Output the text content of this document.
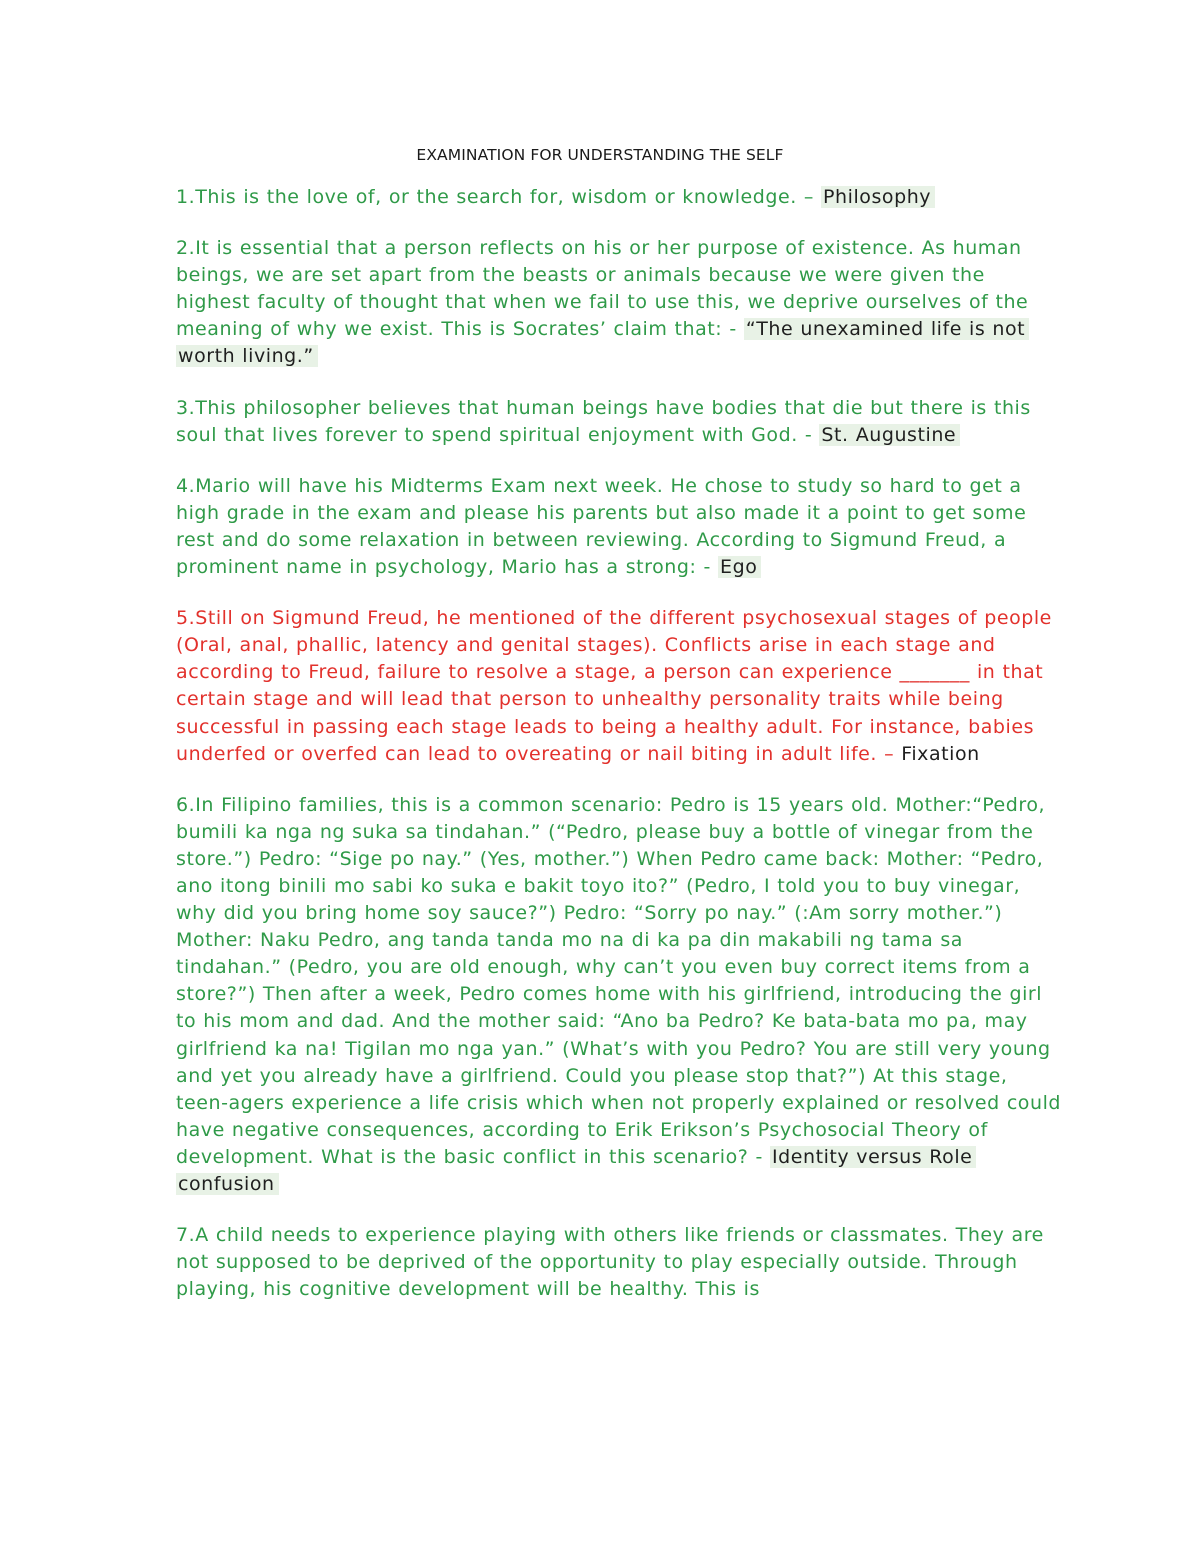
EXAMINATION FOR UNDERSTANDING THE SELF

1.This is the love of, or the search for, wisdom or knowledge. – Philosophy

2.It is essential that a person reflects on his or her purpose of existence. As human beings, we are set apart from the beasts or animals because we were given the highest faculty of thought that when we fail to use this, we deprive ourselves of the meaning of why we exist. This is Socrates’ claim that: - “The unexamined life is not worth living.”

3.This philosopher believes that human beings have bodies that die but there is this soul that lives forever to spend spiritual enjoyment with God. - St. Augustine

4.Mario will have his Midterms Exam next week. He chose to study so hard to get a high grade in the exam and please his parents but also made it a point to get some rest and do some relaxation in between reviewing. According to Sigmund Freud, a prominent name in psychology, Mario has a strong: - Ego

5.Still on Sigmund Freud, he mentioned of the different psychosexual stages of people (Oral, anal, phallic, latency and genital stages). Conflicts arise in each stage and according to Freud, failure to resolve a stage, a person can experience _______ in that certain stage and will lead that person to unhealthy personality traits while being successful in passing each stage leads to being a healthy adult. For instance, babies underfed or overfed can lead to overeating or nail biting in adult life. – Fixation

6.In Filipino families, this is a common scenario: Pedro is 15 years old. Mother:“Pedro, bumili ka nga ng suka sa tindahan.” (“Pedro, please buy a bottle of vinegar from the store.”) Pedro: “Sige po nay.” (Yes, mother.”) When Pedro came back: Mother: “Pedro, ano itong binili mo sabi ko suka e bakit toyo ito?” (Pedro, I told you to buy vinegar, why did you bring home soy sauce?”) Pedro: “Sorry po nay.” (:Am sorry mother.”) Mother: Naku Pedro, ang tanda tanda mo na di ka pa din makabili ng tama sa tindahan.” (Pedro, you are old enough, why can’t you even buy correct items from a store?”) Then after a week, Pedro comes home with his girlfriend, introducing the girl to his mom and dad. And the mother said: “Ano ba Pedro? Ke bata-bata mo pa, may girlfriend ka na! Tigilan mo nga yan.” (What’s with you Pedro? You are still very young and yet you already have a girlfriend. Could you please stop that?”) At this stage, teen-agers experience a life crisis which when not properly explained or resolved could have negative consequences, according to Erik Erikson’s Psychosocial Theory of development. What is the basic conflict in this scenario? - Identity versus Role confusion

7.A child needs to experience playing with others like friends or classmates. They are not supposed to be deprived of the opportunity to play especially outside. Through playing, his cognitive development will be healthy. This is
